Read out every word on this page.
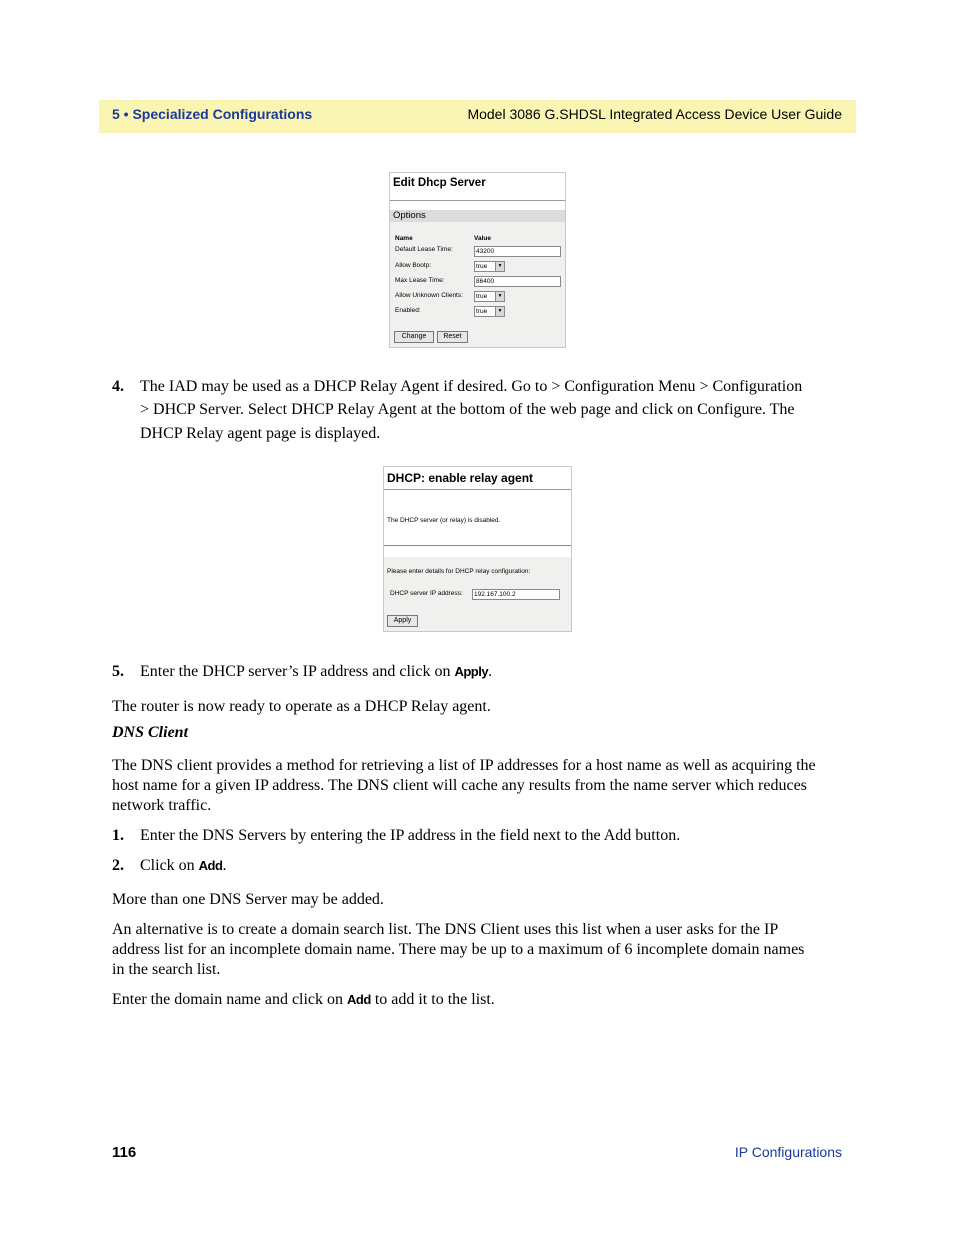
5 • Specialized Configurations	Model 3086 G.SHDSL Integrated Access Device User Guide
Edit Dhcp Server
Options
Name	Value
Default Lease Time:	43200
Allow Bootp:	true	▼
Max Lease Time:	86400
Allow Unknown Clients:	true	▼
Enabled:	true	▼
Change	Reset
4. The IAD may be used as a DHCP Relay Agent if desired. Go to > Configuration Menu > Configuration
> DHCP Server. Select DHCP Relay Agent at the bottom of the web page and click on Configure. The
DHCP Relay agent page is displayed.
DHCP: enable relay agent
The DHCP server (or relay) is disabled.
Please enter details for DHCP relay configuration:
DHCP server IP address:	192.167.100.2
Apply
5. Enter the DHCP server’s IP address and click on Apply.
The router is now ready to operate as a DHCP Relay agent.
DNS Client
The DNS client provides a method for retrieving a list of IP addresses for a host name as well as acquiring the
host name for a given IP address. The DNS client will cache any results from the name server which reduces
network traffic.
1. Enter the DNS Servers by entering the IP address in the field next to the Add button.
2. Click on Add.
More than one DNS Server may be added.
An alternative is to create a domain search list. The DNS Client uses this list when a user asks for the IP
address list for an incomplete domain name. There may be up to a maximum of 6 incomplete domain names
in the search list.
Enter the domain name and click on Add to add it to the list.
116	IP Configurations
